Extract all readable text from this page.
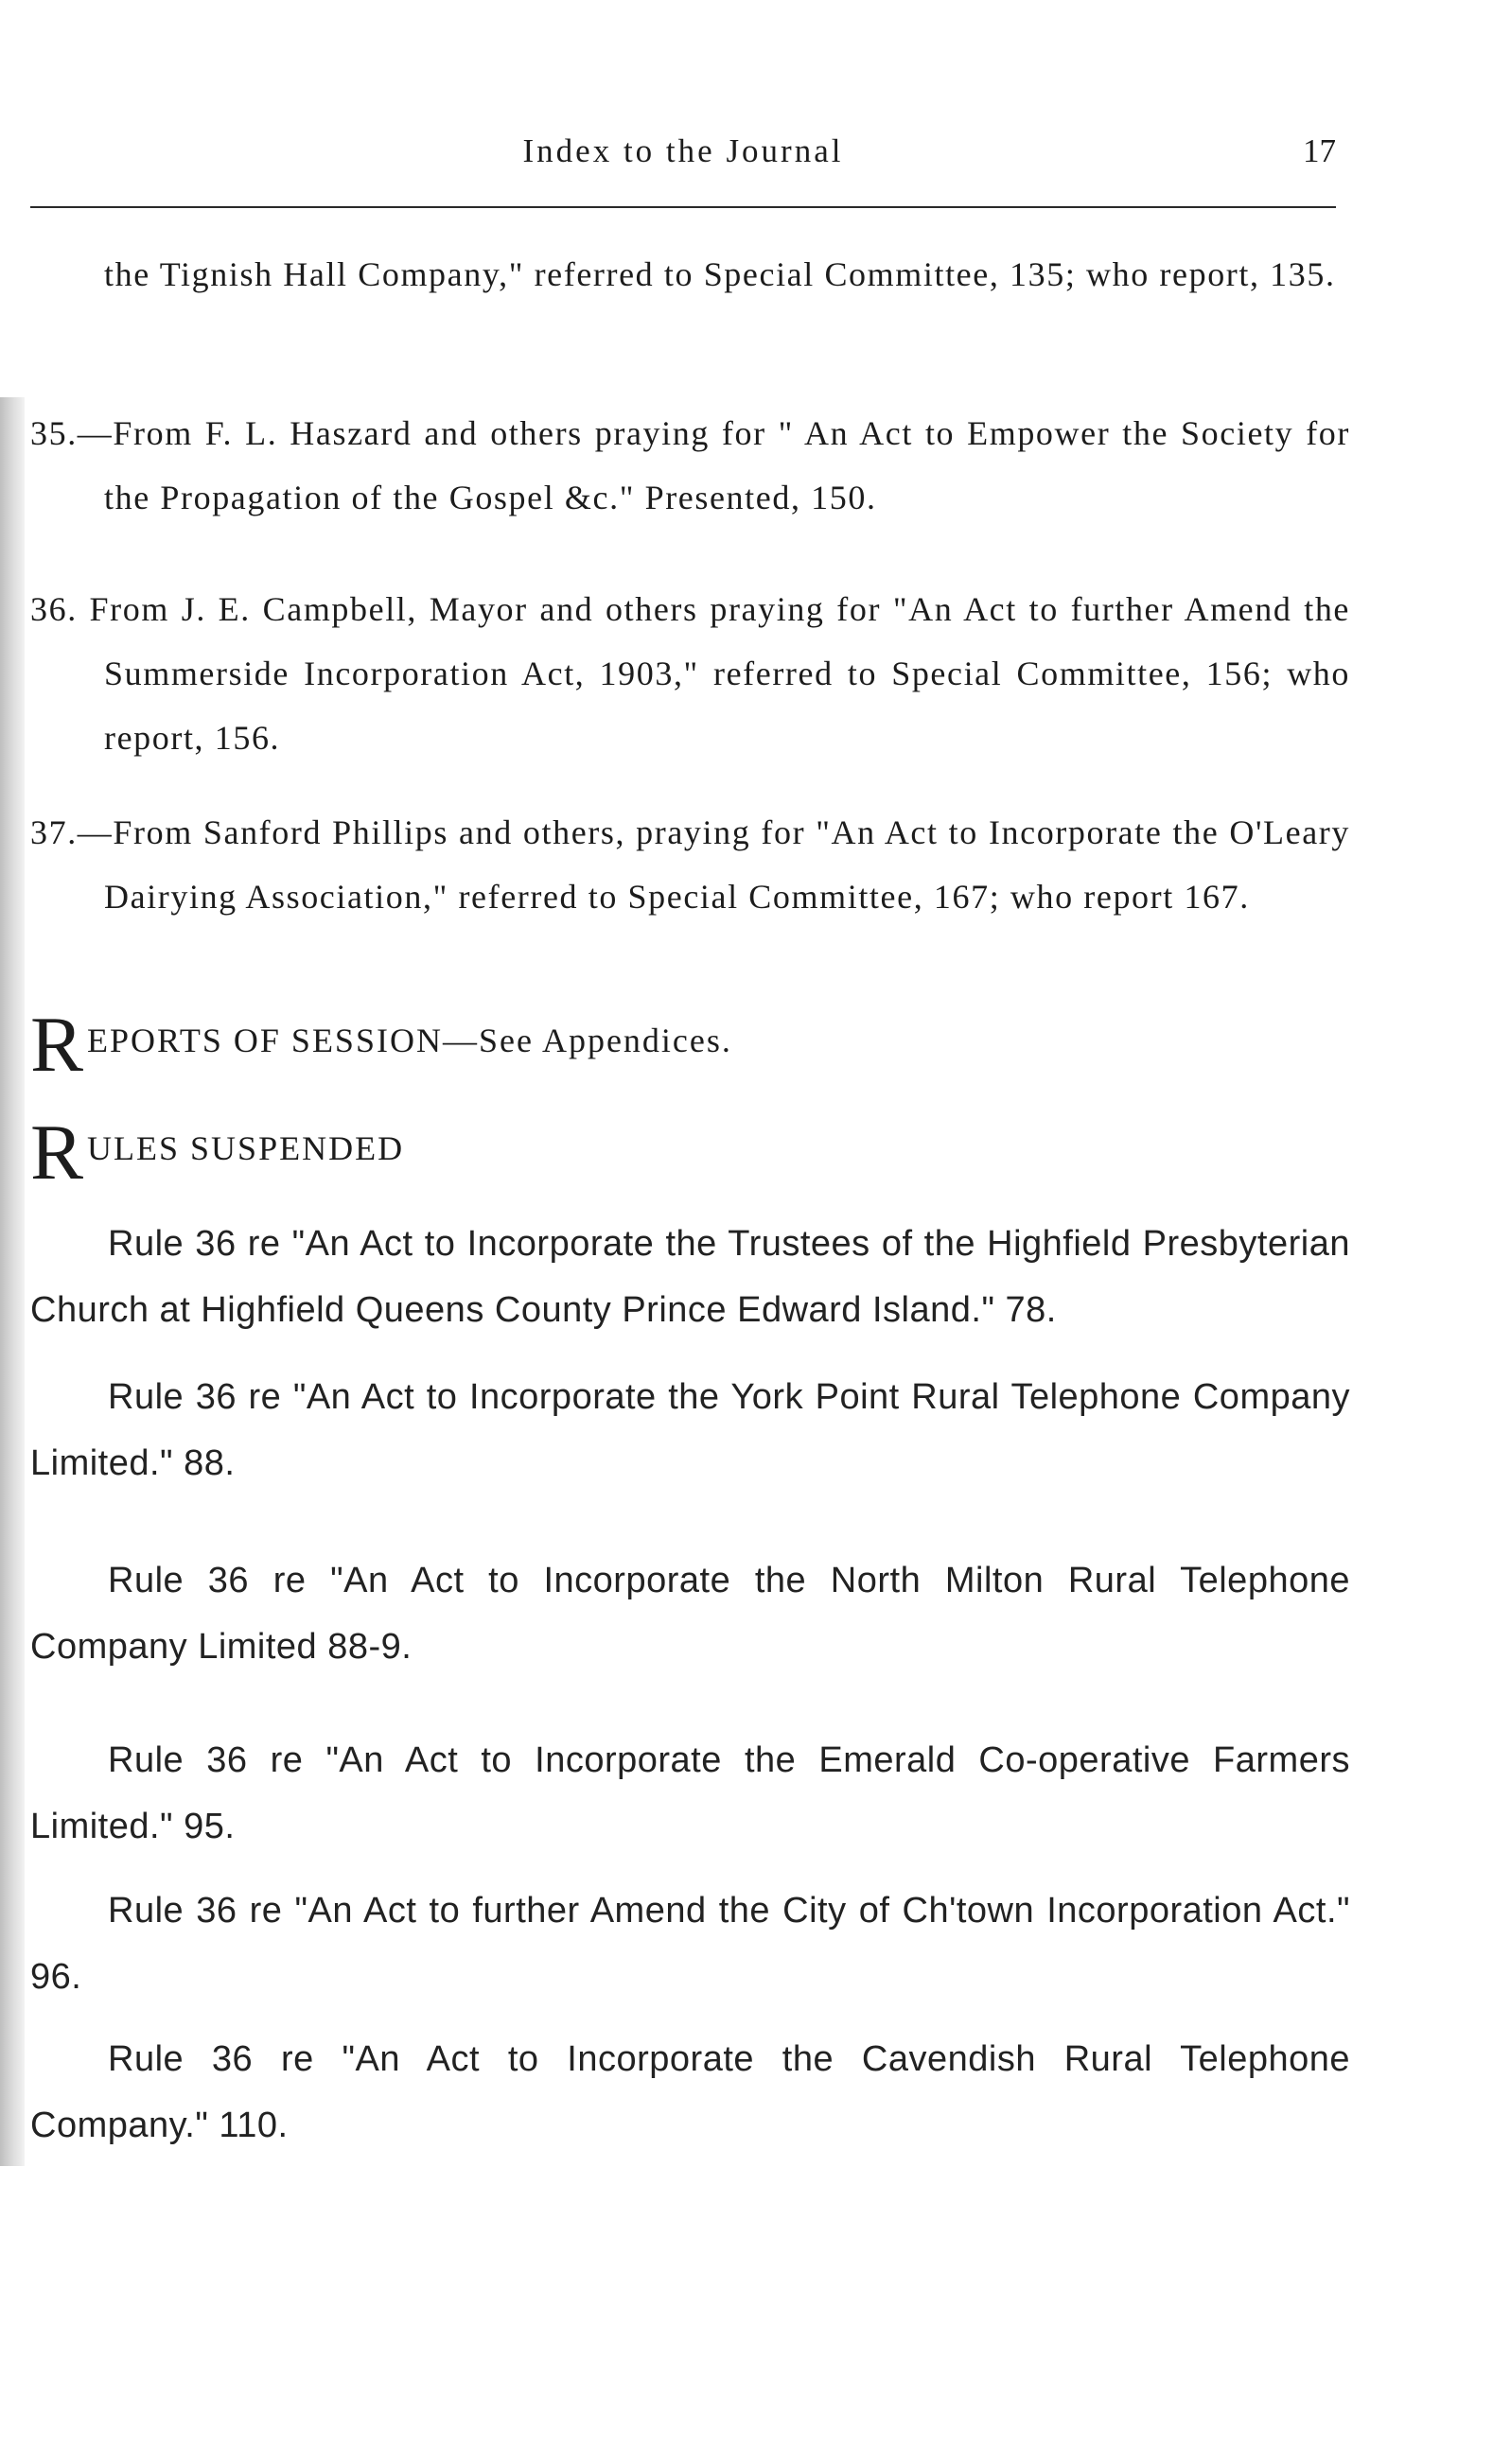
Index to the Journal	17

the Tignish Hall Company," referred to Special Committee, 135; who report, 135.

35.—From F. L. Haszard and others praying for " An Act to Empower the Society for the Propagation of the Gospel &c." Presented, 150.

36. From J. E. Campbell, Mayor and others praying for "An Act to further Amend the Summerside Incorporation Act, 1903," referred to Special Committee, 156; who report, 156.

37.—From Sanford Phillips and others, praying for "An Act to Incorporate the O'Leary Dairying Association," referred to Special Committee, 167; who report 167.

R EPORTS OF SESSION—See Appendices.
R ULES SUSPENDED

Rule 36 re "An Act to Incorporate the Trustees of the Highfield Presbyterian Church at Highfield Queens County Prince Edward Island." 78.

Rule 36 re "An Act to Incorporate the York Point Rural Telephone Company Limited." 88.

Rule 36 re "An Act to Incorporate the North Milton Rural Telephone Company Limited 88-9.

Rule 36 re "An Act to Incorporate the Emerald Co-operative Farmers Limited." 95.

Rule 36 re "An Act to further Amend the City of Ch'town Incorporation Act." 96.

Rule 36 re "An Act to Incorporate the Cavendish Rural Telephone Company." 110.
